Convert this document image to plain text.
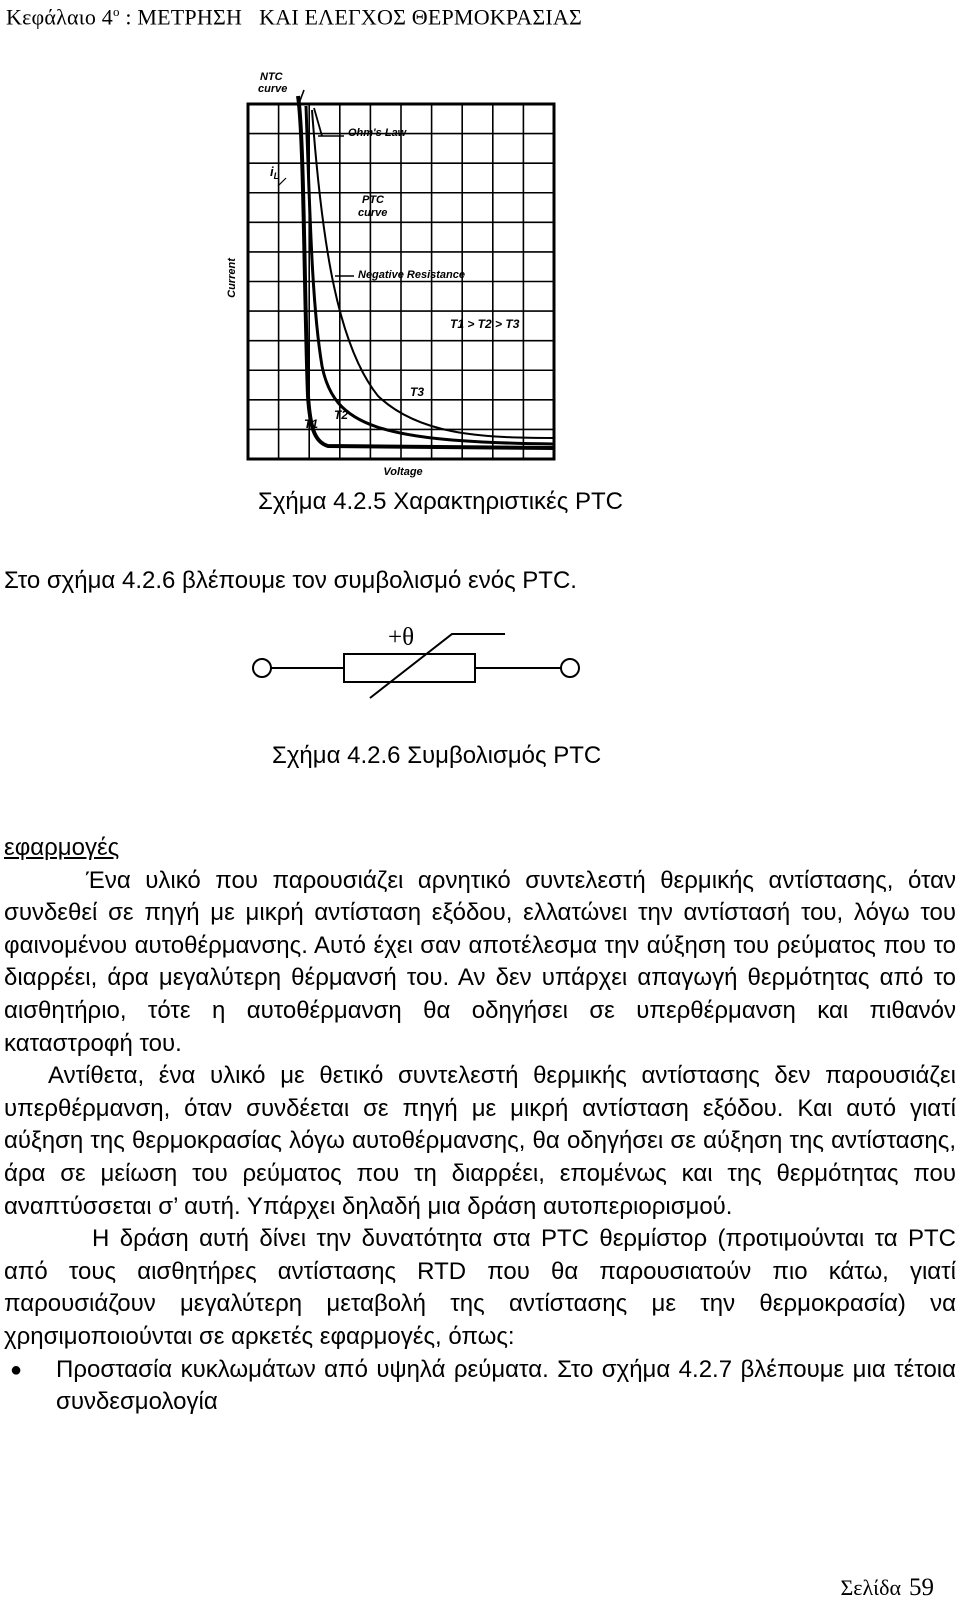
Κεφάλαιο $4^o$ : ΜΕΤΡΗΣΗ   ΚΑΙ ΕΛΕΓΧΟΣ ΘΕΡΜΟΚΡΑΣΙΑΣ
NTC
curve
Ohm's Law
$i_L$
PTC
curve
Negative Resistance
T1 > T2 > T3
T3
T2
T1
Current
Voltage
Σχήμα 4.2.5 Χαρακτηριστικές PTC
Στο σχήμα 4.2.6 βλέπουμε τον συμβολισμό ενός PTC.
+θ
Σχήμα 4.2.6 Συμβολισμός PTC
εφαρμογές

Ένα υλικό που παρουσιάζει αρνητικό συντελεστή θερμικής αντίστασης, όταν συνδεθεί σε πηγή με μικρή αντίσταση εξόδου, ελλατώνει την αντίστασή του, λόγω του φαινομένου αυτοθέρμανσης. Αυτό έχει σαν αποτέλεσμα την αύξηση του ρεύματος που το διαρρέει, άρα μεγαλύτερη θέρμανσή του. Αν δεν υπάρχει απαγωγή θερμότητας από το αισθητήριο, τότε η αυτοθέρμανση θα οδηγήσει σε υπερθέρμανση και πιθανόν καταστροφή του.

Αντίθετα, ένα υλικό με θετικό συντελεστή θερμικής αντίστασης δεν παρουσιάζει υπερθέρμανση, όταν συνδέεται σε πηγή με μικρή αντίσταση εξόδου. Και αυτό γιατί αύξηση της θερμοκρασίας λόγω αυτοθέρμανσης, θα οδηγήσει σε αύξηση της αντίστασης, άρα σε μείωση του ρεύματος που τη διαρρέει, επομένως και της θερμότητας που αναπτύσσεται σ’ αυτή. Υπάρχει δηλαδή μια δράση αυτοπεριορισμού.

Η δράση αυτή δίνει την δυνατότητα στα PTC θερμίστορ (προτιμούνται τα PTC από τους αισθητήρες αντίστασης RTD που θα παρουσιατούν πιο κάτω, γιατί παρουσιάζουν μεγαλύτερη μεταβολή της αντίστασης με την θερμοκρασία) να χρησιμοποιούνται σε αρκετές εφαρμογές, όπως:

●	Προστασία κυκλωμάτων από υψηλά ρεύματα. Στο σχήμα 4.2.7 βλέπουμε μια τέτοια συνδεσμολογία
Σελίδα 59
